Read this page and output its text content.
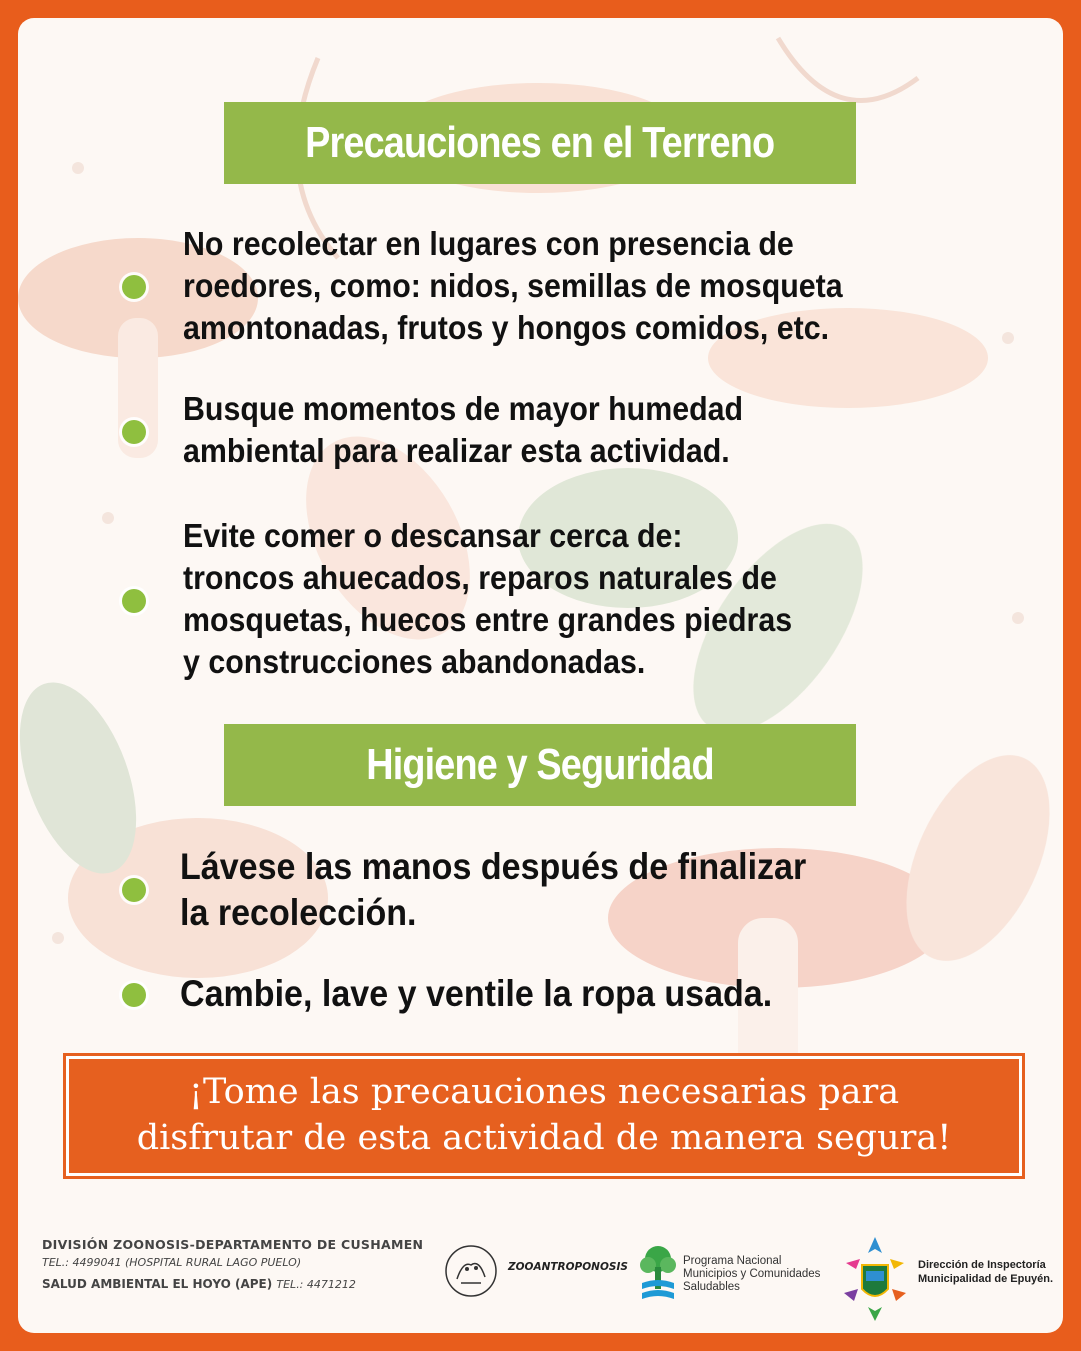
Precauciones en el Terreno
No recolectar en lugares con presencia de
roedores, como: nidos, semillas de mosqueta
amontonadas, frutos y hongos comidos, etc.
Busque momentos de mayor humedad
ambiental para realizar esta actividad.
Evite comer o descansar cerca de:
troncos ahuecados, reparos naturales de
mosquetas, huecos entre grandes piedras
y construcciones abandonadas.
Higiene y Seguridad
Lávese las manos después de finalizar
la recolección.
Cambie, lave y ventile la ropa usada.
¡Tome las precauciones necesarias para
disfrutar de esta actividad de manera segura!
DIVISIÓN ZOONOSIS-DEPARTAMENTO DE CUSHAMEN
TEL.: 4499041 (HOSPITAL RURAL LAGO PUELO)
SALUD AMBIENTAL EL HOYO (APE) TEL.: 4471212
ZOOANTROPONOSIS	Programa Nacional
Municipios y Comunidades
Saludables
Dirección de Inspectoría
Municipalidad de Epuyén.
